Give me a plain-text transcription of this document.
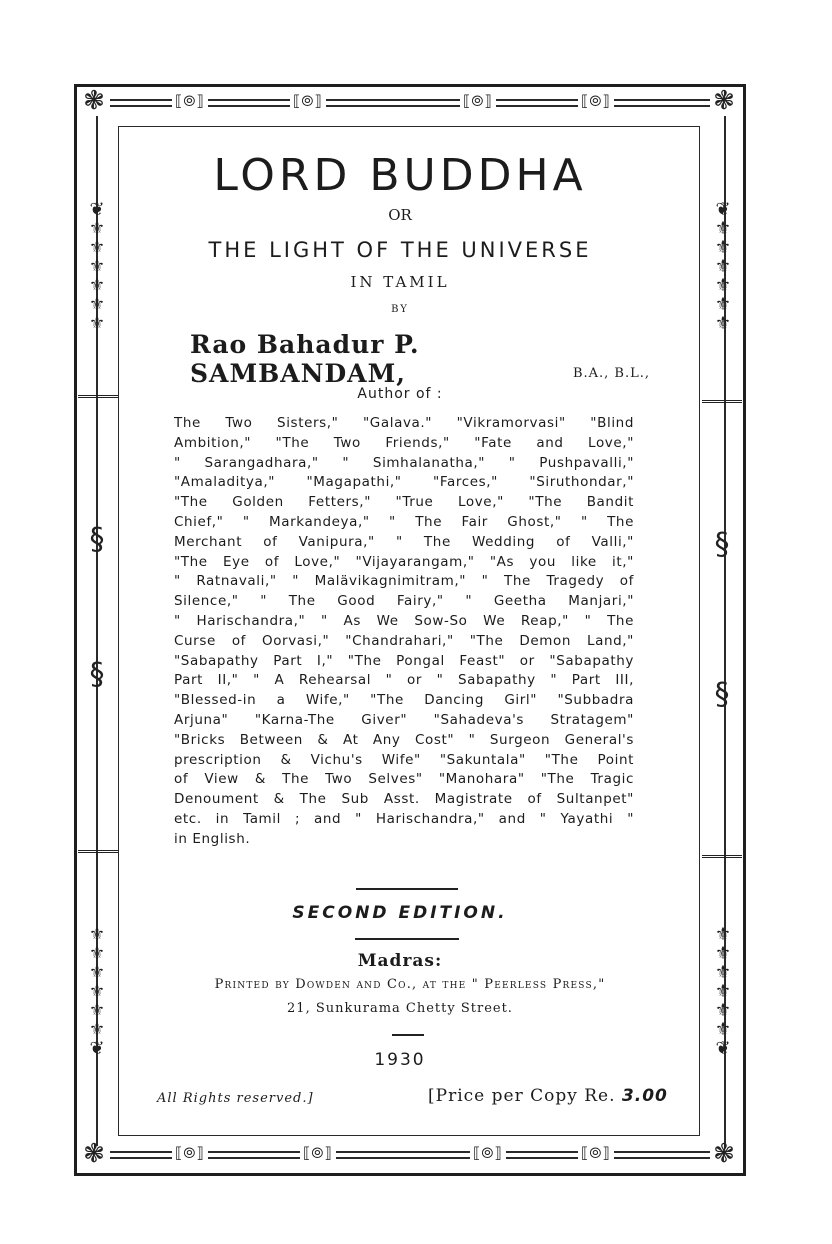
❃	❃
❃	❃
⟦⦾⟧	⟦⦾⟧	⟦⦾⟧	⟦⦾⟧
⟦⦾⟧	⟦⦾⟧	⟦⦾⟧	⟦⦾⟧
❦
⚜
⚜
⚜
⚜
⚜
⚜
§
§
⚜
⚜
⚜
⚜
⚜
⚜
❦
❦
⚜
⚜
⚜
⚜
⚜
⚜
§
§
⚜
⚜
⚜
⚜
⚜
⚜
❦
LORD BUDDHA
OR
THE LIGHT OF THE UNIVERSE
IN TAMIL
BY
Rao Bahadur P. SAMBANDAM,	B.A., B.L.,
Author of :
The Two Sisters," "Galava." "Vikramorvasi" "Blind
Ambition," "The Two Friends," "Fate and Love,"
" Sarangadhara," " Simhalanatha," " Pushpavalli,"
"Amaladitya," "Magapathi," "Farces," "Siruthondar,"
"The Golden Fetters," "True Love," "The Bandit
Chief," " Markandeya," " The Fair Ghost," " The
Merchant of Vanipura," " The Wedding of Valli,"
"The Eye of Love," "Vijayarangam," "As you like it,"
" Ratnavali," " Malävikagnimitram," " The Tragedy of
Silence," " The Good Fairy," " Geetha Manjari,"
" Harischandra," " As We Sow-So We Reap," " The
Curse of Oorvasi," "Chandrahari," "The Demon Land,"
"Sabapathy Part I," "The Pongal Feast" or "Sabapathy
Part II," " A Rehearsal " or " Sabapathy " Part III,
"Blessed-in a Wife," "The Dancing Girl" "Subbadra
Arjuna" "Karna-The Giver" "Sahadeva's Stratagem"
"Bricks Between & At Any Cost" " Surgeon General's
prescription & Vichu's Wife" "Sakuntala" "The Point
of View & The Two Selves" "Manohara" "The Tragic
Denoument & The Sub Asst. Magistrate of Sultanpet"
etc. in Tamil ; and " Harischandra," and " Yayathi "
in English.
SECOND EDITION.
Madras:
Printed by Dowden and Co., at the " Peerless Press,"
21, Sunkurama Chetty Street.
1930
All Rights reserved.]	[Price per Copy Re. 3.00
